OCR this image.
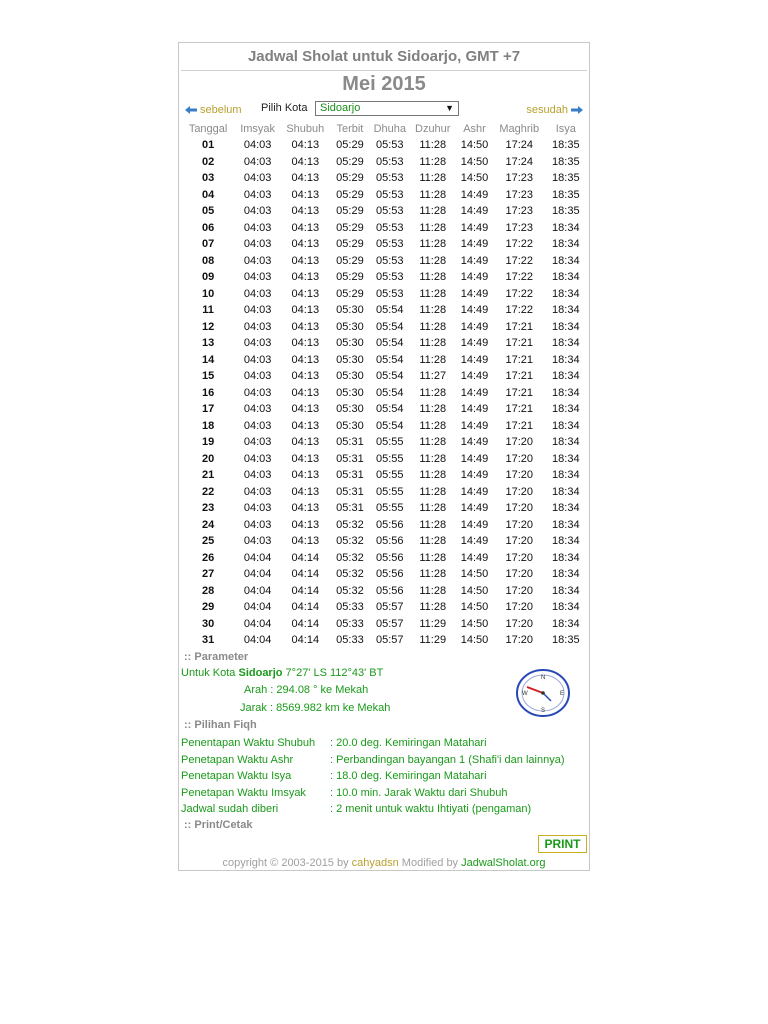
Jadwal Sholat untuk Sidoarjo, GMT +7
Mei 2015
sebelum Pilih Kota	Sidoarjo	▼	sesudah
Tanggal	Imsyak	Shubuh	Terbit	Dhuha	Dzuhur	Ashr	Maghrib	Isya
01	04:03	04:13	05:29	05:53	11:28	14:50	17:24	18:35
02	04:03	04:13	05:29	05:53	11:28	14:50	17:24	18:35
03	04:03	04:13	05:29	05:53	11:28	14:50	17:23	18:35
04	04:03	04:13	05:29	05:53	11:28	14:49	17:23	18:35
05	04:03	04:13	05:29	05:53	11:28	14:49	17:23	18:35
06	04:03	04:13	05:29	05:53	11:28	14:49	17:23	18:34
07	04:03	04:13	05:29	05:53	11:28	14:49	17:22	18:34
08	04:03	04:13	05:29	05:53	11:28	14:49	17:22	18:34
09	04:03	04:13	05:29	05:53	11:28	14:49	17:22	18:34
10	04:03	04:13	05:29	05:53	11:28	14:49	17:22	18:34
11	04:03	04:13	05:30	05:54	11:28	14:49	17:22	18:34
12	04:03	04:13	05:30	05:54	11:28	14:49	17:21	18:34
13	04:03	04:13	05:30	05:54	11:28	14:49	17:21	18:34
14	04:03	04:13	05:30	05:54	11:28	14:49	17:21	18:34
15	04:03	04:13	05:30	05:54	11:27	14:49	17:21	18:34
16	04:03	04:13	05:30	05:54	11:28	14:49	17:21	18:34
17	04:03	04:13	05:30	05:54	11:28	14:49	17:21	18:34
18	04:03	04:13	05:30	05:54	11:28	14:49	17:21	18:34
19	04:03	04:13	05:31	05:55	11:28	14:49	17:20	18:34
20	04:03	04:13	05:31	05:55	11:28	14:49	17:20	18:34
21	04:03	04:13	05:31	05:55	11:28	14:49	17:20	18:34
22	04:03	04:13	05:31	05:55	11:28	14:49	17:20	18:34
23	04:03	04:13	05:31	05:55	11:28	14:49	17:20	18:34
24	04:03	04:13	05:32	05:56	11:28	14:49	17:20	18:34
25	04:03	04:13	05:32	05:56	11:28	14:49	17:20	18:34
26	04:04	04:14	05:32	05:56	11:28	14:49	17:20	18:34
27	04:04	04:14	05:32	05:56	11:28	14:50	17:20	18:34
28	04:04	04:14	05:32	05:56	11:28	14:50	17:20	18:34
29	04:04	04:14	05:33	05:57	11:28	14:50	17:20	18:34
30	04:04	04:14	05:33	05:57	11:29	14:50	17:20	18:34
31	04:04	04:14	05:33	05:57	11:29	14:50	17:20	18:35
:: Parameter
Untuk Kota Sidoarjo 7°27' LS 112°43' BT
Arah : 294.08 ° ke Mekah
Jarak : 8569.982 km ke Mekah
N
E
S
W
:: Pilihan Fiqh
Penentapan Waktu Shubuh : 20.0 deg. Kemiringan Matahari
Penetapan Waktu Ashr	: Perbandingan bayangan 1 (Shafi'i dan lainnya)
Penetapan Waktu Isya	: 18.0 deg. Kemiringan Matahari
Penetapan Waktu Imsyak : 10.0 min. Jarak Waktu dari Shubuh
Jadwal sudah diberi	: 2 menit untuk waktu Ihtiyati (pengaman)
:: Print/Cetak
PRINT
copyright © 2003-2015 by cahyadsn Modified by JadwalSholat.org
